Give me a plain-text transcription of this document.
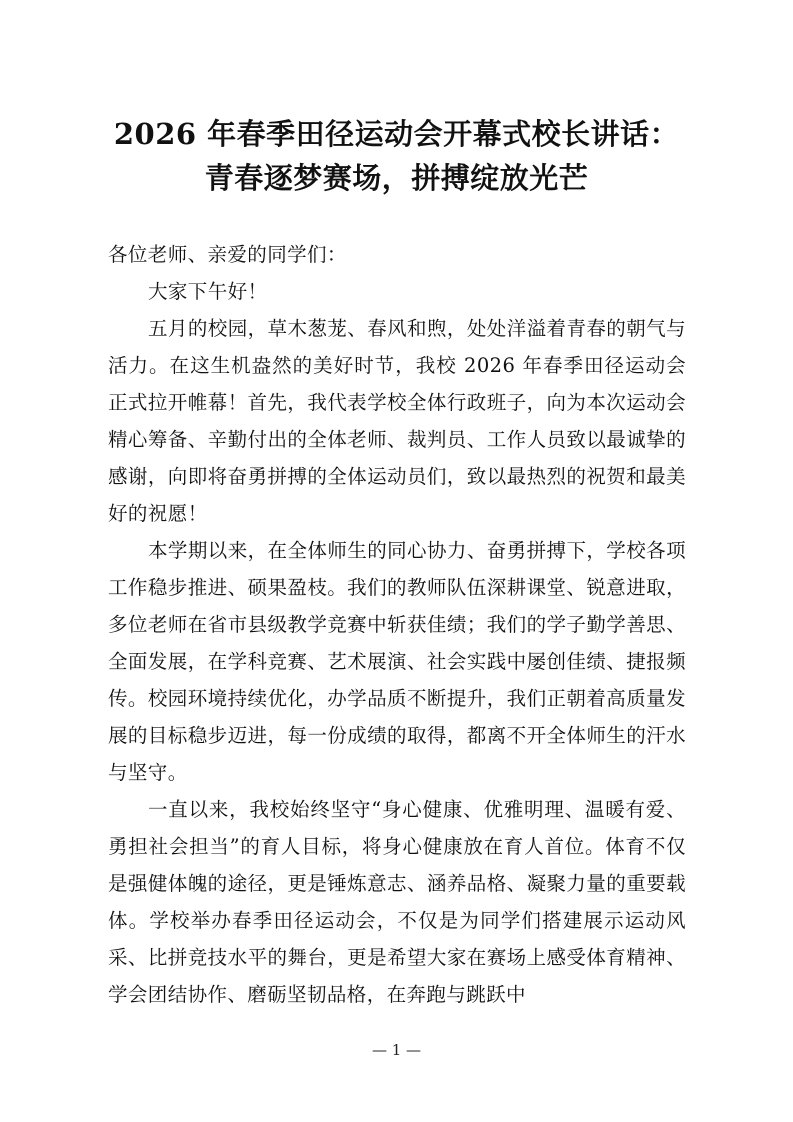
2026 年春季田径运动会开幕式校长讲话：
青春逐梦赛场，拼搏绽放光芒

各位老师、亲爱的同学们：

大家下午好！

五月的校园，草木葱茏、春风和煦，处处洋溢着青春的朝气与活力。在这生机盎然的美好时节，我校 2026 年春季田径运动会正式拉开帷幕！首先，我代表学校全体行政班子，向为本次运动会精心筹备、辛勤付出的全体老师、裁判员、工作人员致以最诚挚的感谢，向即将奋勇拼搏的全体运动员们，致以最热烈的祝贺和最美好的祝愿！

本学期以来，在全体师生的同心协力、奋勇拼搏下，学校各项工作稳步推进、硕果盈枝。我们的教师队伍深耕课堂、锐意进取，多位老师在省市县级教学竞赛中斩获佳绩；我们的学子勤学善思、全面发展，在学科竞赛、艺术展演、社会实践中屡创佳绩、捷报频传。校园环境持续优化，办学品质不断提升，我们正朝着高质量发展的目标稳步迈进，每一份成绩的取得，都离不开全体师生的汗水与坚守。

一直以来，我校始终坚守“身心健康、优雅明理、温暖有爱、勇担社会担当”的育人目标，将身心健康放在育人首位。体育不仅是强健体魄的途径，更是锤炼意志、涵养品格、凝聚力量的重要载体。学校举办春季田径运动会，不仅是为同学们搭建展示运动风采、比拼竞技水平的舞台，更是希望大家在赛场上感受体育精神、学会团结协作、磨砺坚韧品格，在奔跑与跳跃中

— 1 —
